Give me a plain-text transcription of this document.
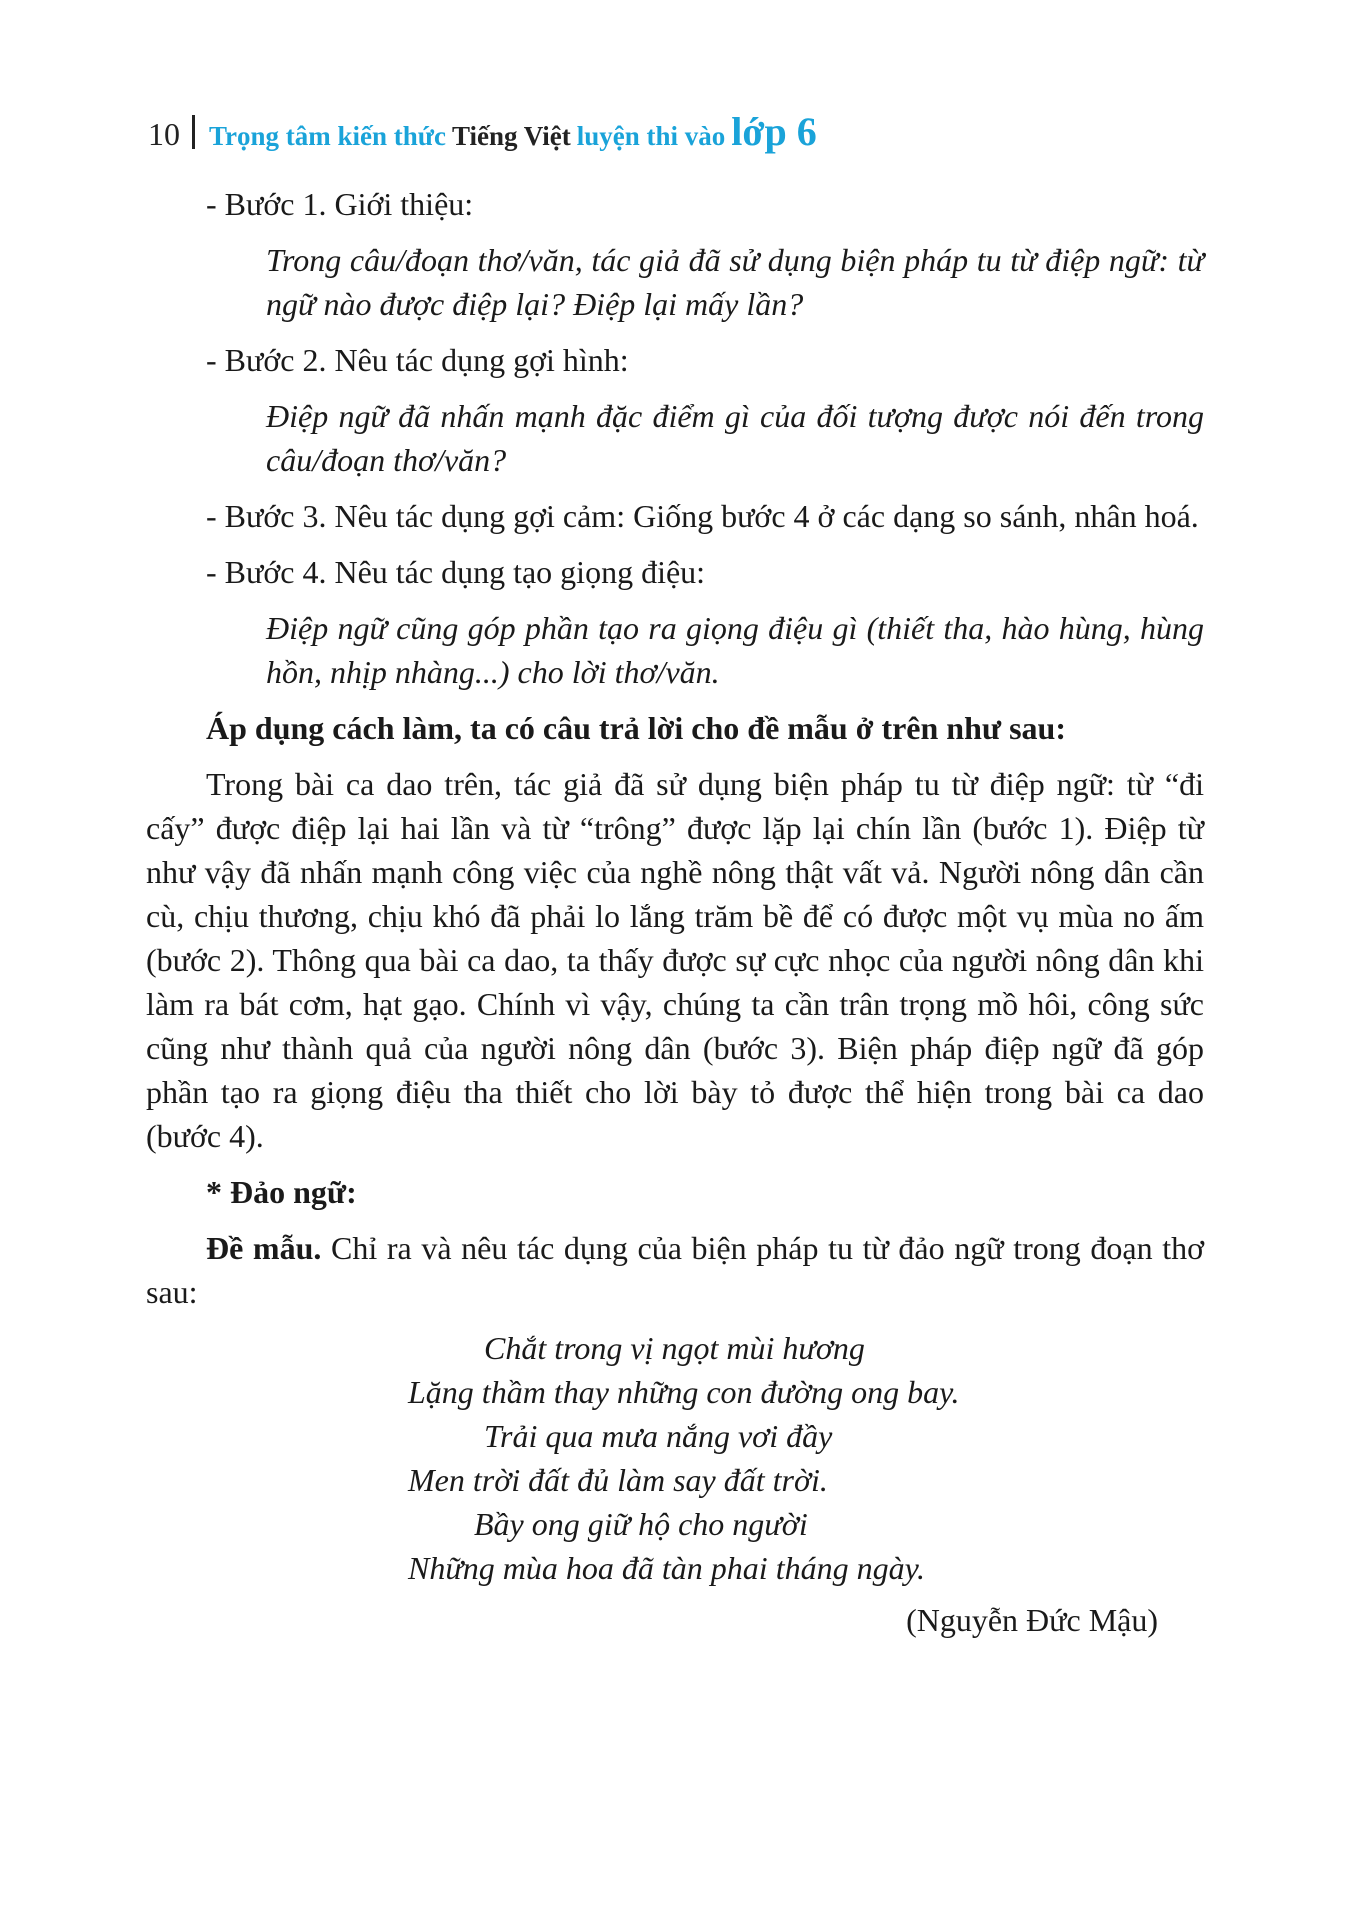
10 Trọng tâm kiến thức Tiếng Việt luyện thi vào lớp 6

- Bước 1. Giới thiệu:

Trong câu/đoạn thơ/văn, tác giả đã sử dụng biện pháp tu từ điệp ngữ: từ ngữ nào được điệp lại? Điệp lại mấy lần?

- Bước 2. Nêu tác dụng gợi hình:

Điệp ngữ đã nhấn mạnh đặc điểm gì của đối tượng được nói đến trong câu/đoạn thơ/văn?

- Bước 3. Nêu tác dụng gợi cảm: Giống bước 4 ở các dạng so sánh, nhân hoá.

- Bước 4. Nêu tác dụng tạo giọng điệu:

Điệp ngữ cũng góp phần tạo ra giọng điệu gì (thiết tha, hào hùng, hùng hồn, nhịp nhàng...) cho lời thơ/văn.

Áp dụng cách làm, ta có câu trả lời cho đề mẫu ở trên như sau:

Trong bài ca dao trên, tác giả đã sử dụng biện pháp tu từ điệp ngữ: từ “đi cấy” được điệp lại hai lần và từ “trông” được lặp lại chín lần (bước 1). Điệp từ như vậy đã nhấn mạnh công việc của nghề nông thật vất vả. Người nông dân cần cù, chịu thương, chịu khó đã phải lo lắng trăm bề để có được một vụ mùa no ấm (bước 2). Thông qua bài ca dao, ta thấy được sự cực nhọc của người nông dân khi làm ra bát cơm, hạt gạo. Chính vì vậy, chúng ta cần trân trọng mồ hôi, công sức cũng như thành quả của người nông dân (bước 3). Biện pháp điệp ngữ đã góp phần tạo ra giọng điệu tha thiết cho lời bày tỏ được thể hiện trong bài ca dao (bước 4).

* Đảo ngữ:

Đề mẫu. Chỉ ra và nêu tác dụng của biện pháp tu từ đảo ngữ trong đoạn thơ sau:

Chắt trong vị ngọt mùi hương
Lặng thầm thay những con đường ong bay.
Trải qua mưa nắng vơi đầy
Men trời đất đủ làm say đất trời.
Bầy ong giữ hộ cho người
Những mùa hoa đã tàn phai tháng ngày.
(Nguyễn Đức Mậu)
